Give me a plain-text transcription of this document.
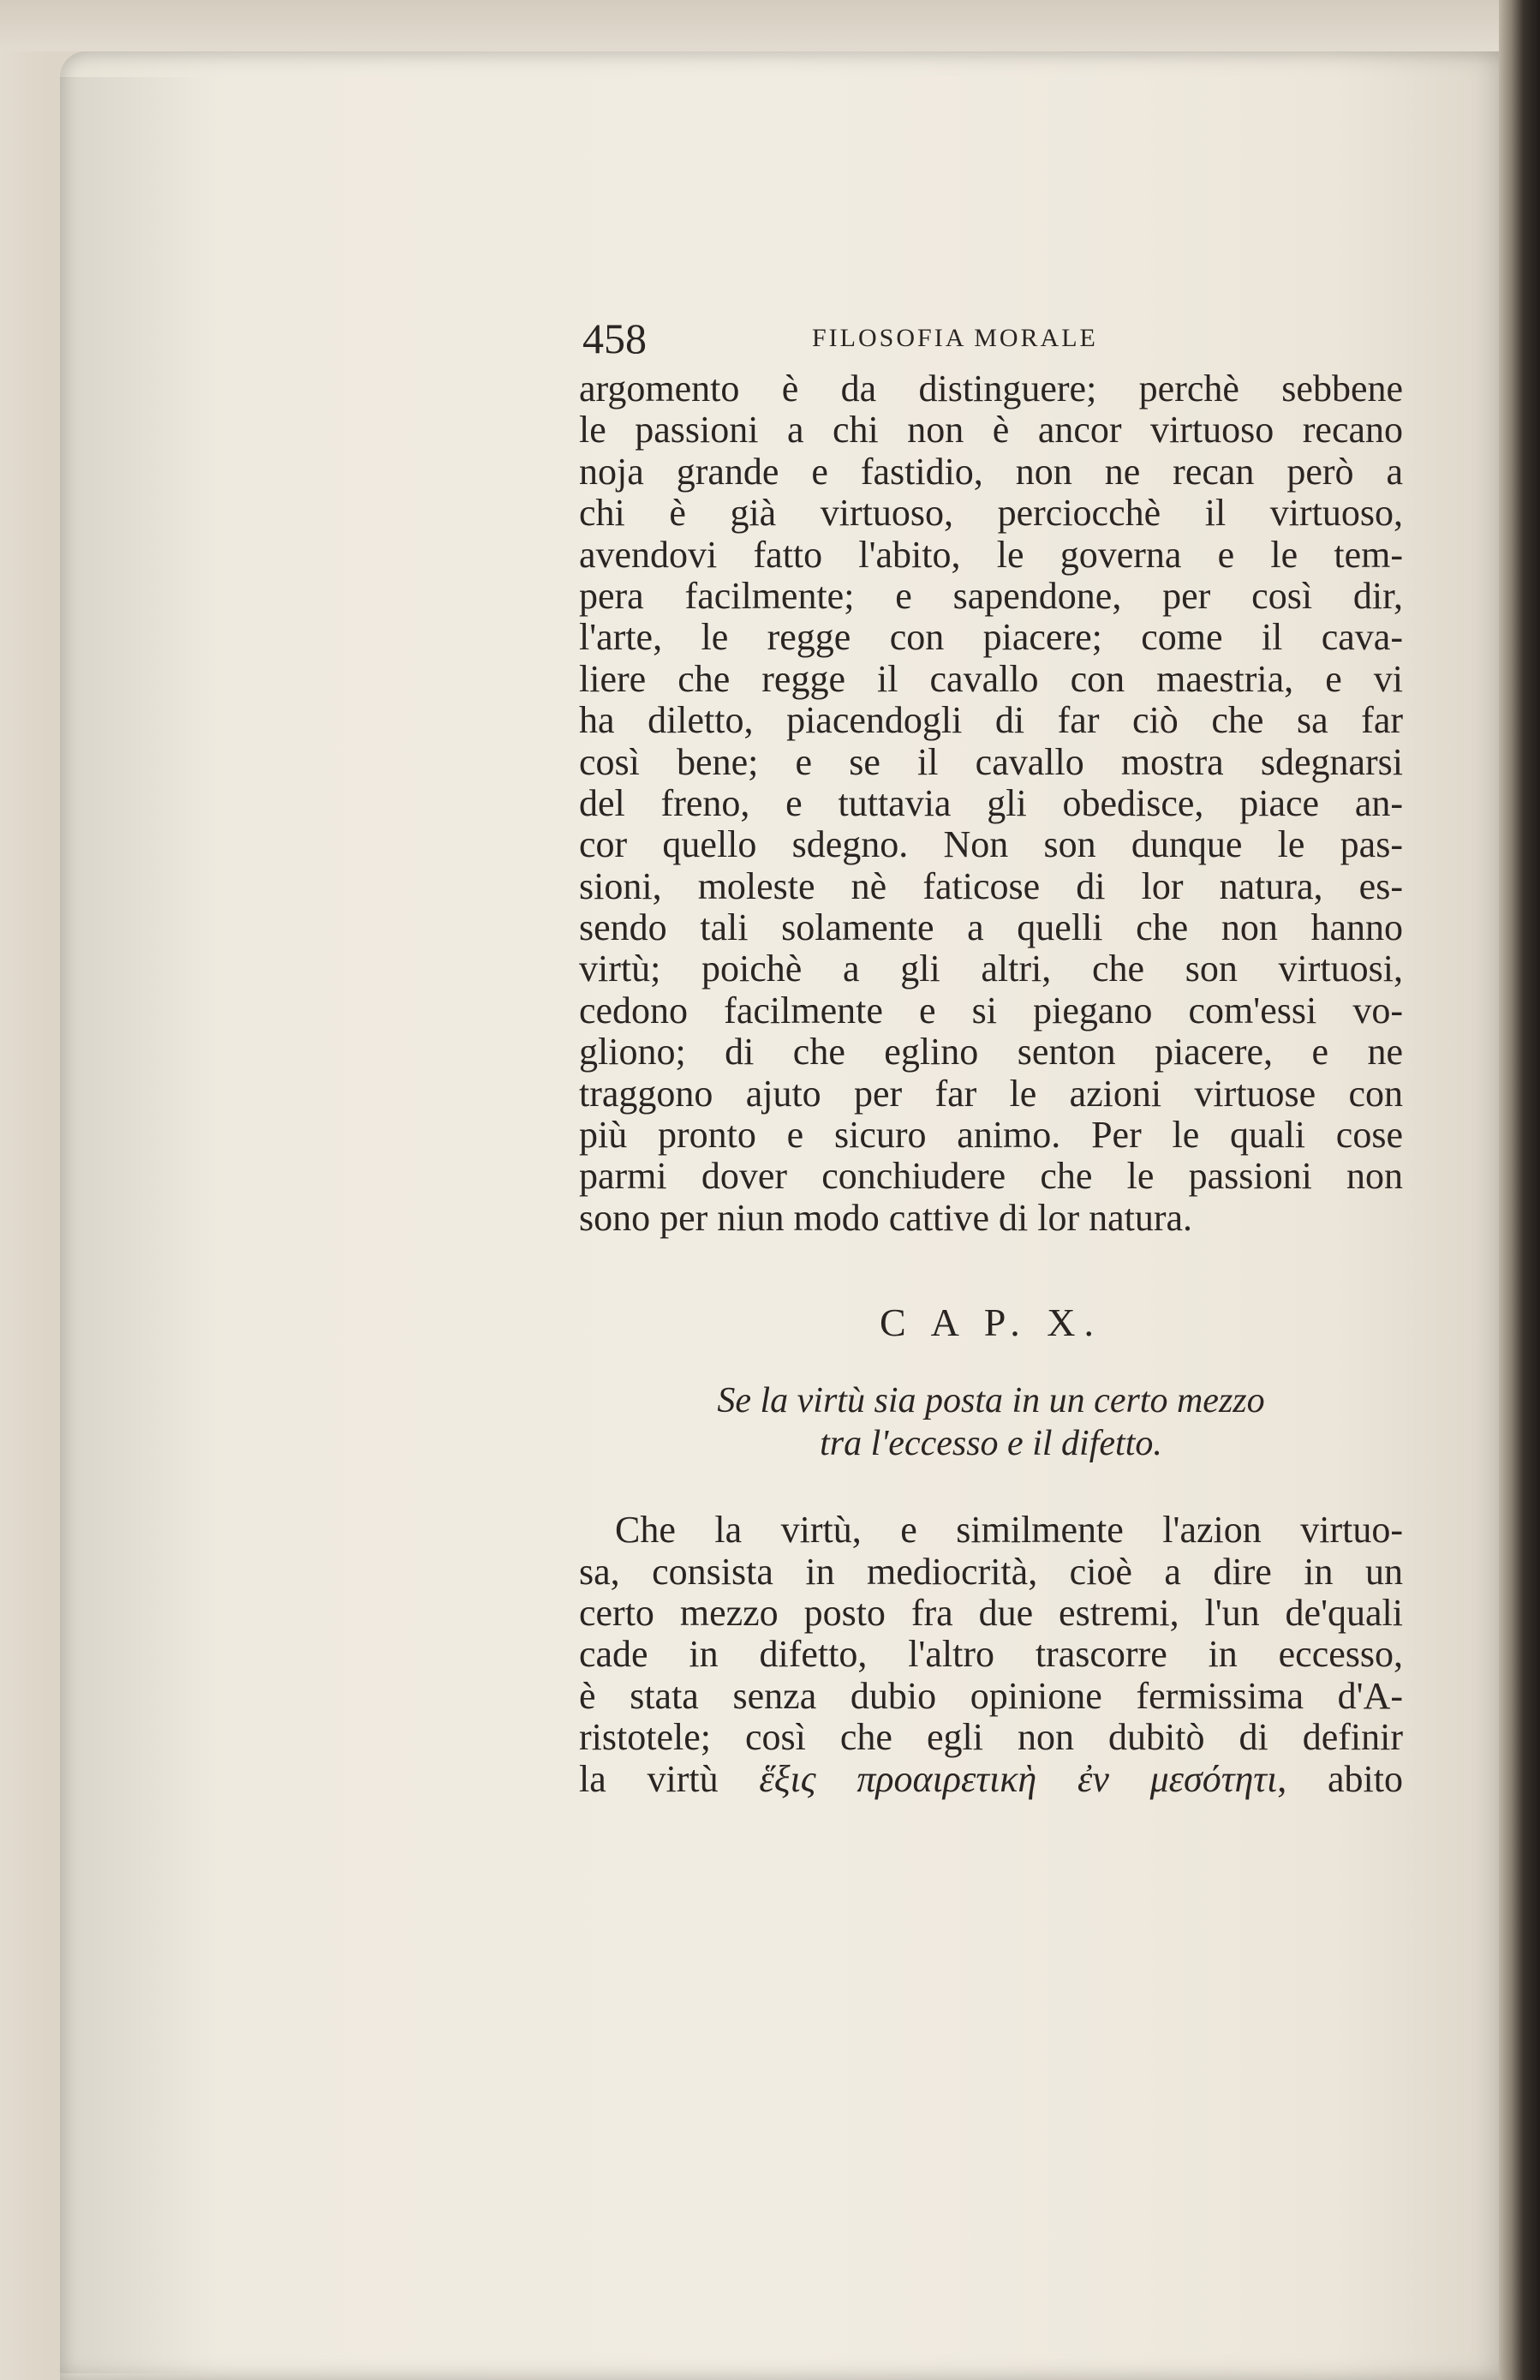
458	FILOSOFIA MORALE
argomento è da distinguere; perchè sebbene
le passioni a chi non è ancor virtuoso recano
noja grande e fastidio, non ne recan però a
chi è già virtuoso, perciocchè il virtuoso,
avendovi fatto l'abito, le governa e le tem-
pera facilmente; e sapendone, per così dir,
l'arte, le regge con piacere; come il cava-
liere che regge il cavallo con maestria, e vi
ha diletto, piacendogli di far ciò che sa far
così bene; e se il cavallo mostra sdegnarsi
del freno, e tuttavia gli obedisce, piace an-
cor quello sdegno. Non son dunque le pas-
sioni, moleste nè faticose di lor natura, es-
sendo tali solamente a quelli che non hanno
virtù; poichè a gli altri, che son virtuosi,
cedono facilmente e si piegano com'essi vo-
gliono; di che eglino senton piacere, e ne
traggono ajuto per far le azioni virtuose con
più pronto e sicuro animo. Per le quali cose
parmi dover conchiudere che le passioni non
sono per niun modo cattive di lor natura.
C A P. X.
Se la virtù sia posta in un certo mezzo
tra l'eccesso e il difetto.
Che la virtù, e similmente l'azion virtuo-
sa, consista in mediocrità, cioè a dire in un
certo mezzo posto fra due estremi, l'un de'quali
cade in difetto, l'altro trascorre in eccesso,
è stata senza dubio opinione fermissima d'A-
ristotele; così che egli non dubitò di definir
la virtù ἕξις προαιρετικὴ ἐν μεσότητι, abito
